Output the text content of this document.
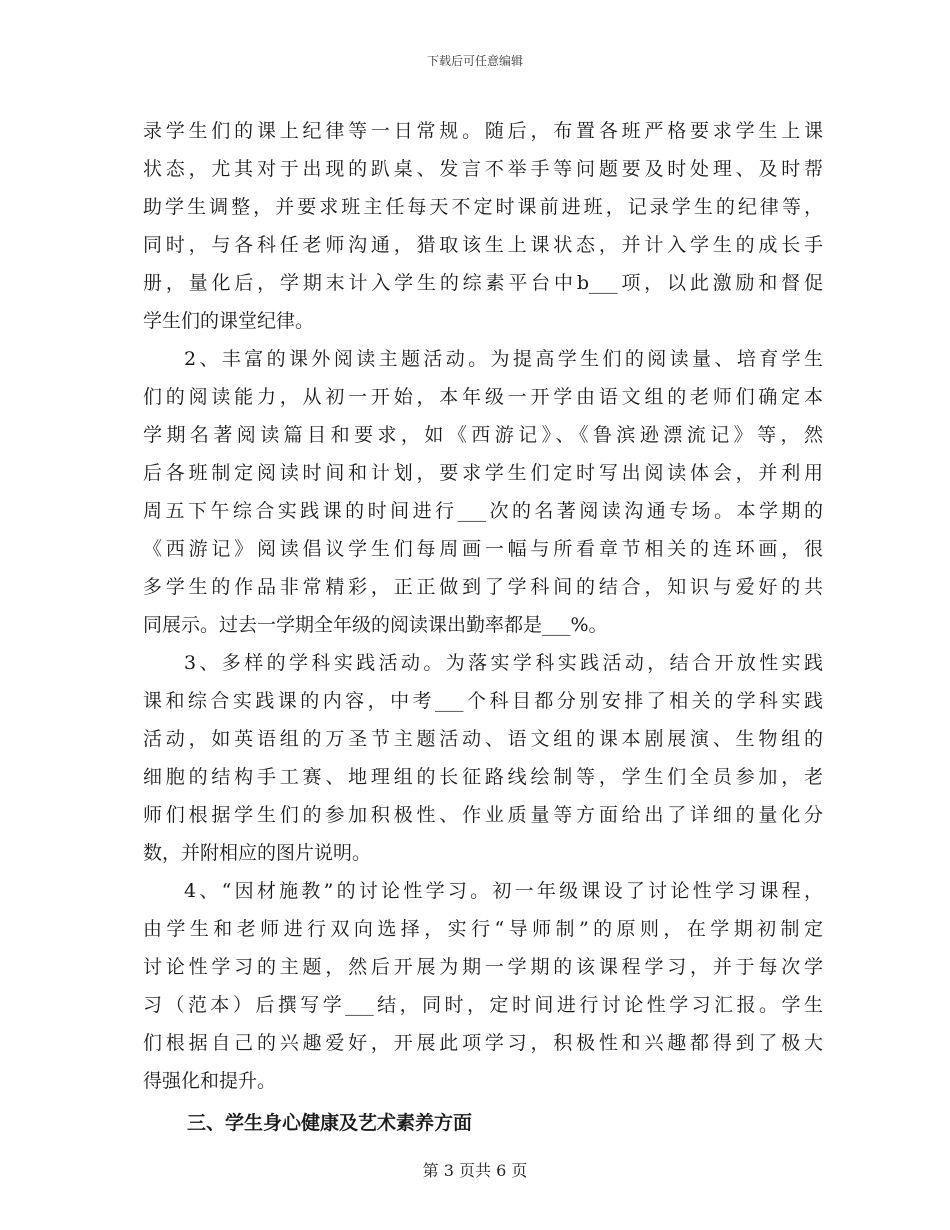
下载后可任意编辑
录学生们的课上纪律等一日常规。随后，布置各班严格要求学生上课
状态，尤其对于出现的趴桌、发言不举手等问题要及时处理、及时帮
助学生调整，并要求班主任每天不定时课前进班，记录学生的纪律等，
同时，与各科任老师沟通，猎取该生上课状态，并计入学生的成长手
册，量化后，学期末计入学生的综素平台中b___项，以此激励和督促
学生们的课堂纪律。
2、丰富的课外阅读主题活动。为提高学生们的阅读量、培育学生
们的阅读能力，从初一开始，本年级一开学由语文组的老师们确定本
学期名著阅读篇目和要求，如《西游记》、《鲁滨逊漂流记》等，然
后各班制定阅读时间和计划，要求学生们定时写出阅读体会，并利用
周五下午综合实践课的时间进行___次的名著阅读沟通专场。本学期的
《西游记》阅读倡议学生们每周画一幅与所看章节相关的连环画，很
多学生的作品非常精彩，正正做到了学科间的结合，知识与爱好的共
同展示。过去一学期全年级的阅读课出勤率都是___%。
3、多样的学科实践活动。为落实学科实践活动，结合开放性实践
课和综合实践课的内容，中考___个科目都分别安排了相关的学科实践
活动，如英语组的万圣节主题活动、语文组的课本剧展演、生物组的
细胞的结构手工赛、地理组的长征路线绘制等，学生们全员参加，老
师们根据学生们的参加积极性、作业质量等方面给出了详细的量化分
数，并附相应的图片说明。
4、“因材施教”的讨论性学习。初一年级课设了讨论性学习课程，
由学生和老师进行双向选择，实行“导师制”的原则，在学期初制定
讨论性学习的主题，然后开展为期一学期的该课程学习，并于每次学
习（范本）后撰写学___结，同时，定时间进行讨论性学习汇报。学生
们根据自己的兴趣爱好，开展此项学习，积极性和兴趣都得到了极大
得强化和提升。
三、学生身心健康及艺术素养方面
第 3 页共 6 页
